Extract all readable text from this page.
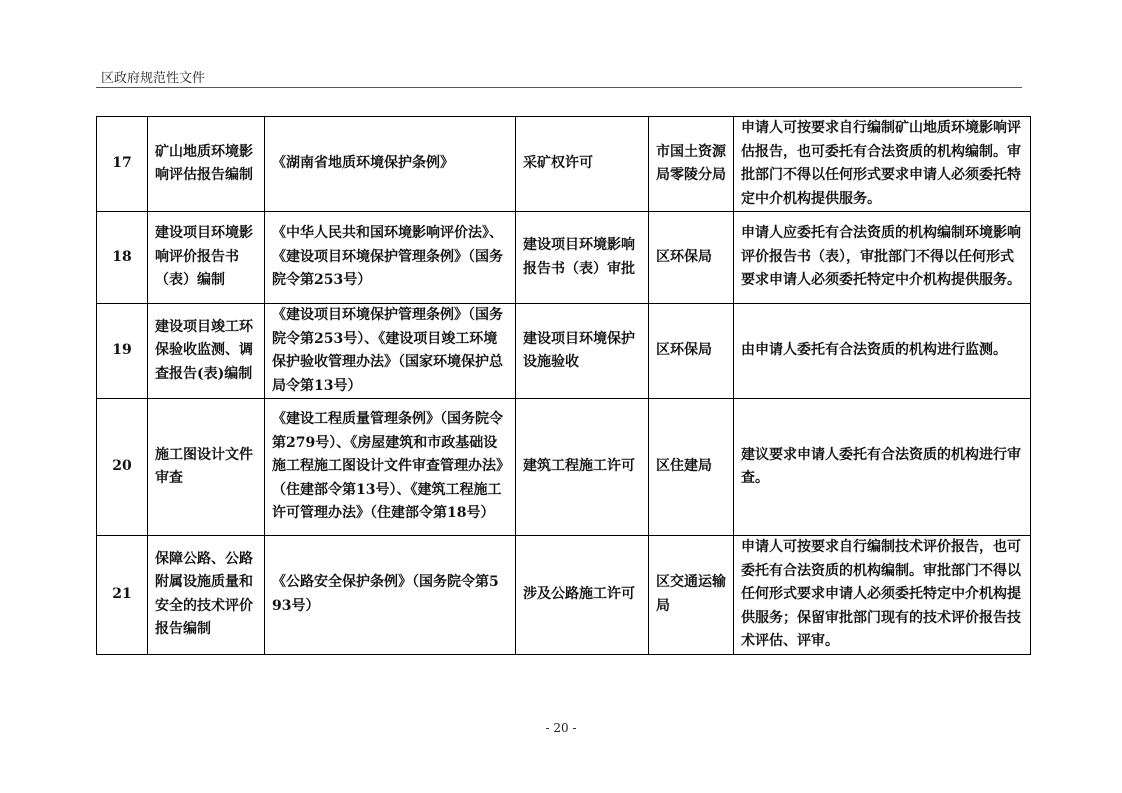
区政府规范性文件
17	矿山地质环境影响评估报告编制	《湖南省地质环境保护条例》	采矿权许可	市国土资源局零陵分局	申请人可按要求自行编制矿山地质环境影响评估报告，也可委托有合法资质的机构编制。审批部门不得以任何形式要求申请人必须委托特定中介机构提供服务。
18	建设项目环境影响评价报告书（表）编制	《中华人民共和国环境影响评价法》、《建设项目环境保护管理条例》（国务院令第253号）	建设项目环境影响报告书（表）审批	区环保局	申请人应委托有合法资质的机构编制环境影响评价报告书（表），审批部门不得以任何形式要求申请人必须委托特定中介机构提供服务。
19	建设项目竣工环保验收监测、调查报告(表)编制	《建设项目环境保护管理条例》（国务院令第253号）、《建设项目竣工环境保护验收管理办法》（国家环境保护总局令第13号）	建设项目环境保护设施验收	区环保局	由申请人委托有合法资质的机构进行监测。
20	施工图设计文件审查	《建设工程质量管理条例》（国务院令第279号）、《房屋建筑和市政基础设施工程施工图设计文件审查管理办法》（住建部令第13号）、《建筑工程施工许可管理办法》（住建部令第18号）	建筑工程施工许可	区住建局	建议要求申请人委托有合法资质的机构进行审查。
21	保障公路、公路附属设施质量和安全的技术评价报告编制	《公路安全保护条例》（国务院令第593号）	涉及公路施工许可	区交通运输局	申请人可按要求自行编制技术评价报告，也可委托有合法资质的机构编制。审批部门不得以任何形式要求申请人必须委托特定中介机构提供服务；保留审批部门现有的技术评价报告技术评估、评审。
- 20 -
